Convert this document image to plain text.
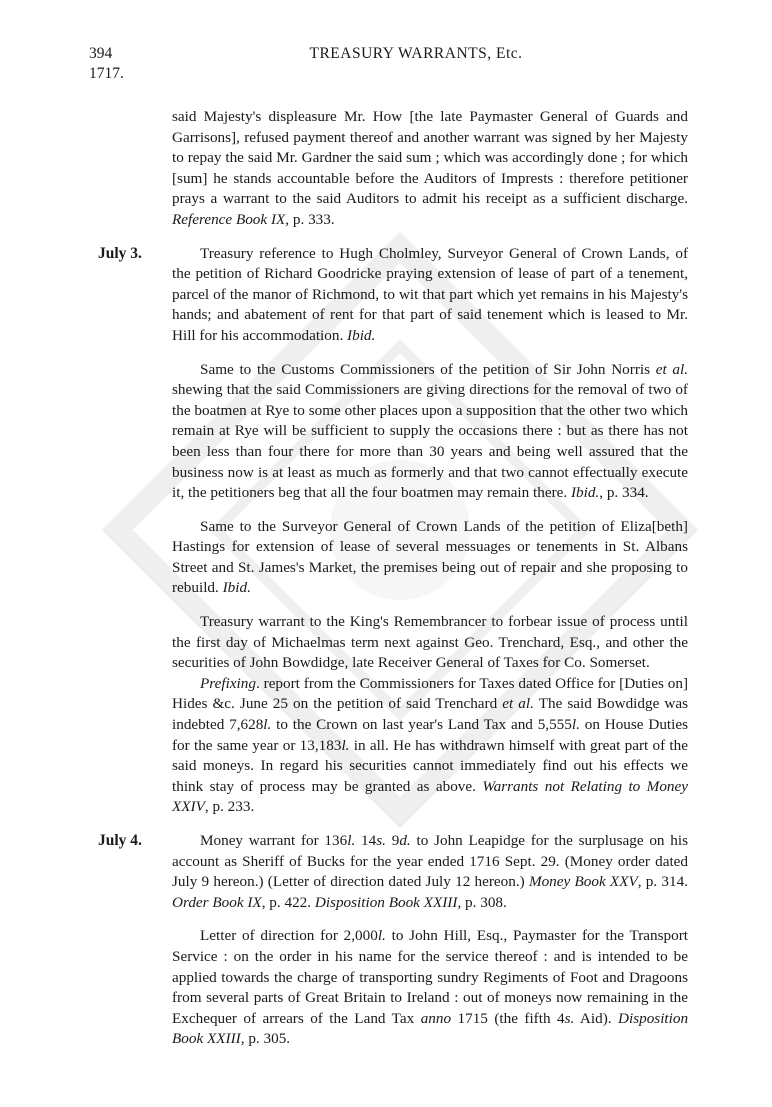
394	TREASURY WARRANTS, Etc.
1717.

said Majesty's displeasure Mr. How [the late Paymaster General of Guards and Garrisons], refused payment thereof and another warrant was signed by her Majesty to repay the said Mr. Gardner the said sum ; which was accordingly done ; for which [sum] he stands accountable before the Auditors of Imprests : therefore petitioner prays a warrant to the said Auditors to admit his receipt as a sufficient discharge. Reference Book IX, p. 333.

July 3.	Treasury reference to Hugh Cholmley, Surveyor General of Crown Lands, of the petition of Richard Goodricke praying extension of lease of part of a tenement, parcel of the manor of Richmond, to wit that part which yet remains in his Majesty's hands; and abatement of rent for that part of said tenement which is leased to Mr. Hill for his accommodation. Ibid.

Same to the Customs Commissioners of the petition of Sir John Norris et al. shewing that the said Commissioners are giving directions for the removal of two of the boatmen at Rye to some other places upon a supposition that the other two which remain at Rye will be sufficient to supply the occasions there : but as there has not been less than four there for more than 30 years and being well assured that the business now is at least as much as formerly and that two cannot effectually execute it, the petitioners beg that all the four boatmen may remain there. Ibid., p. 334.

Same to the Surveyor General of Crown Lands of the petition of Eliza[beth] Hastings for extension of lease of several messuages or tenements in St. Albans Street and St. James's Market, the premises being out of repair and she proposing to rebuild. Ibid.

Treasury warrant to the King's Remembrancer to forbear issue of process until the first day of Michaelmas term next against Geo. Trenchard, Esq., and other the securities of John Bowdidge, late Receiver General of Taxes for Co. Somerset.

Prefixing. report from the Commissioners for Taxes dated Office for [Duties on] Hides &c. June 25 on the petition of said Trenchard et al. The said Bowdidge was indebted 7,628l. to the Crown on last year's Land Tax and 5,555l. on House Duties for the same year or 13,183l. in all. He has withdrawn himself with great part of the said moneys. In regard his securities cannot immediately find out his effects we think stay of process may be granted as above. Warrants not Relating to Money XXIV, p. 233.

July 4.	Money warrant for 136l. 14s. 9d. to John Leapidge for the surplusage on his account as Sheriff of Bucks for the year ended 1716 Sept. 29. (Money order dated July 9 hereon.) (Letter of direction dated July 12 hereon.) Money Book XXV, p. 314. Order Book IX, p. 422. Disposition Book XXIII, p. 308.

Letter of direction for 2,000l. to John Hill, Esq., Paymaster for the Transport Service : on the order in his name for the service thereof : and is intended to be applied towards the charge of transporting sundry Regiments of Foot and Dragoons from several parts of Great Britain to Ireland : out of moneys now remaining in the Exchequer of arrears of the Land Tax anno 1715 (the fifth 4s. Aid). Disposition Book XXIII, p. 305.
